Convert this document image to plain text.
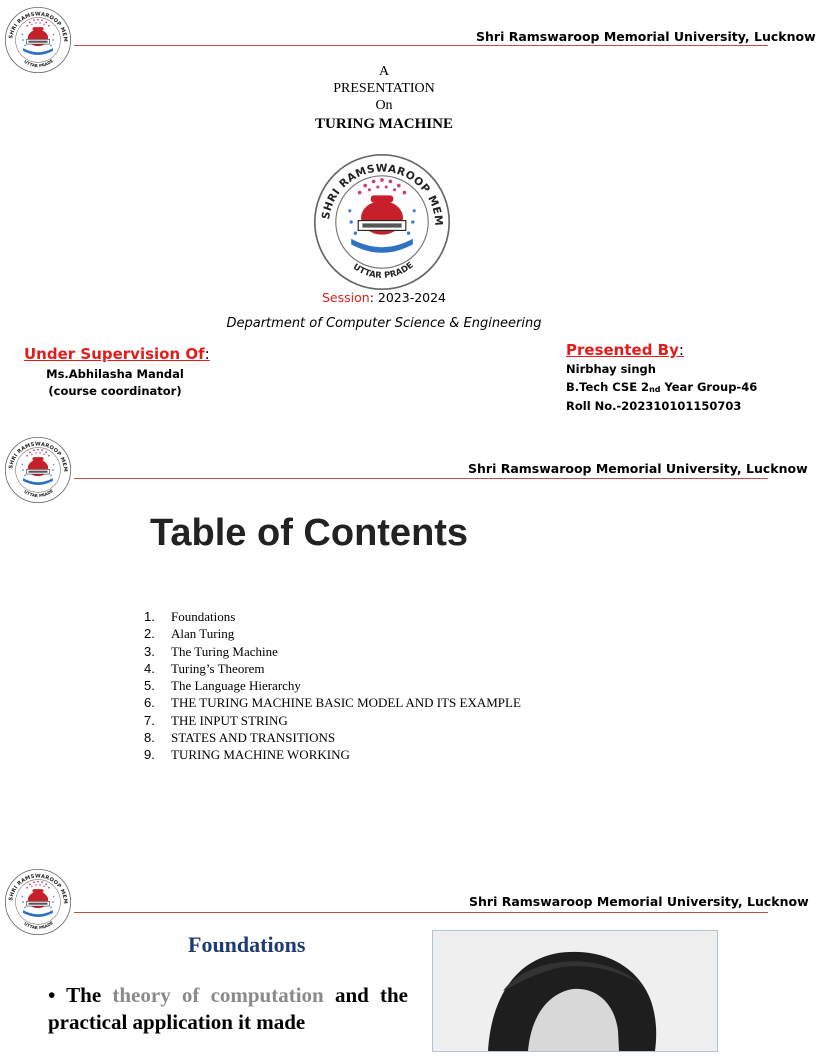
Shri Ramswaroop Memorial University, Lucknow
A
PRESENTATION
On
TURING MACHINE
Session: 2023-2024
Department of Computer Science & Engineering
Under Supervision Of:
Ms.Abhilasha Mandal
(course coordinator)
Presented By:
Nirbhay singh
B.Tech CSE $2_{nd}$ Year Group-46
Roll No.-202310101150703
Shri Ramswaroop Memorial University, Lucknow
Table of Contents
1. Foundations
2. Alan Turing
3. The Turing Machine
4. Turing’s Theorem
5. The Language Hierarchy
6. THE TURING MACHINE BASIC MODEL AND ITS EXAMPLE
7. THE INPUT STRING
8. STATES AND TRANSITIONS
9. TURING MACHINE WORKING
Shri Ramswaroop Memorial University, Lucknow
Foundations
• The theory of computation and the practical application it made
